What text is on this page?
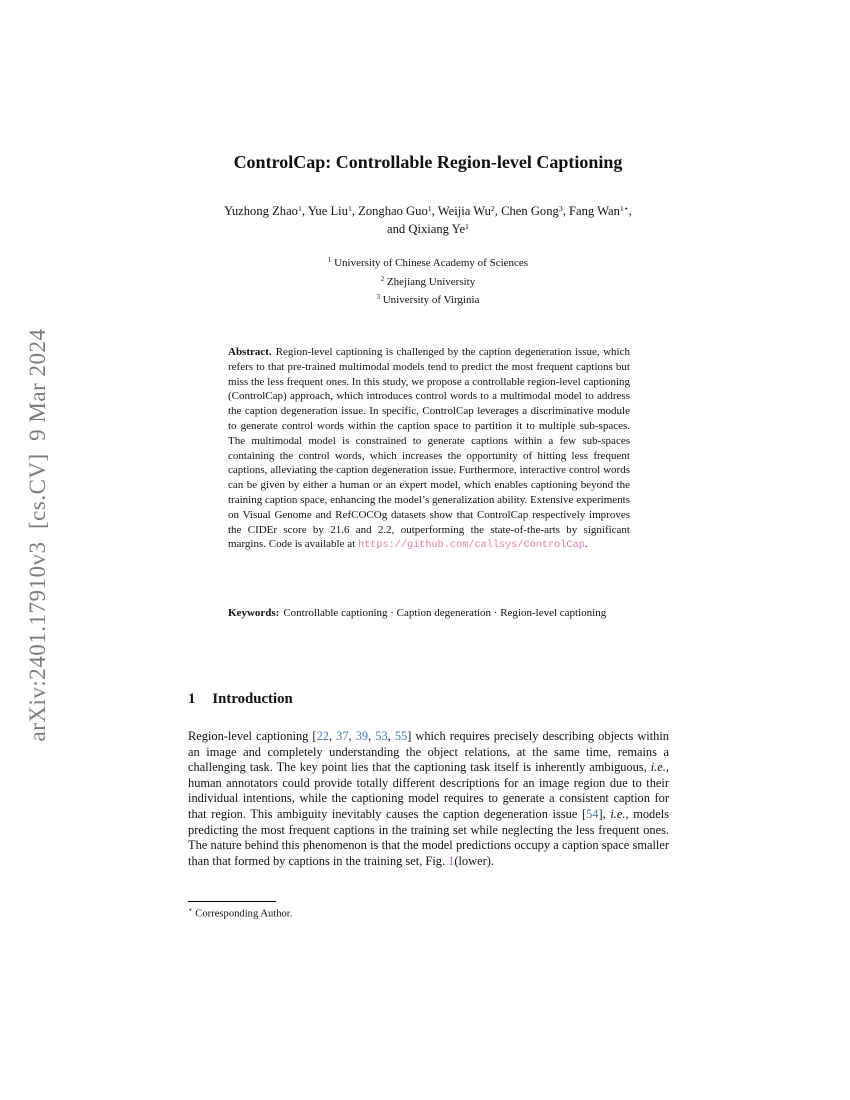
arXiv:2401.17910v3  [cs.CV]  9 Mar 2024
ControlCap: Controllable Region-level Captioning
Yuzhong Zhao$^1$, Yue Liu$^1$, Zonghao Guo$^1$, Weijia Wu$^2$, Chen Gong$^3$, Fang Wan$^{1⋆}$,
and Qixiang Ye$^1$
$^1$ University of Chinese Academy of Sciences
$^2$ Zhejiang University
$^3$ University of Virginia

Abstract. Region-level captioning is challenged by the caption degeneration issue, which refers to that pre-trained multimodal models tend to predict the most frequent captions but miss the less frequent ones. In this study, we propose a controllable region-level captioning (ControlCap) approach, which introduces control words to a multimodal model to address the caption degeneration issue. In specific, ControlCap leverages a discriminative module to generate control words within the caption space to partition it to multiple sub-spaces. The multimodal model is constrained to generate captions within a few sub-spaces containing the control words, which increases the opportunity of hitting less frequent captions, alleviating the caption degeneration issue. Furthermore, interactive control words can be given by either a human or an expert model, which enables captioning beyond the training caption space, enhancing the model’s generalization ability. Extensive experiments on Visual Genome and RefCOCOg datasets show that ControlCap respectively improves the CIDEr score by 21.6 and 2.2, outperforming the state-of-the-arts by significant margins. Code is available at https://github.com/callsys/ControlCap.

Keywords: Controllable captioning · Caption degeneration · Region-level captioning

1 Introduction

Region-level captioning [22, 37, 39, 53, 55] which requires precisely describing objects within an image and completely understanding the object relations, at the same time, remains a challenging task. The key point lies that the captioning task itself is inherently ambiguous, i.e., human annotators could provide totally different descriptions for an image region due to their individual intentions, while the captioning model requires to generate a consistent caption for that region. This ambiguity inevitably causes the caption degeneration issue [54], i.e., models predicting the most frequent captions in the training set while neglecting the less frequent ones. The nature behind this phenomenon is that the model predictions occupy a caption space smaller than that formed by captions in the training set, Fig. 1(lower).

⋆ Corresponding Author.
